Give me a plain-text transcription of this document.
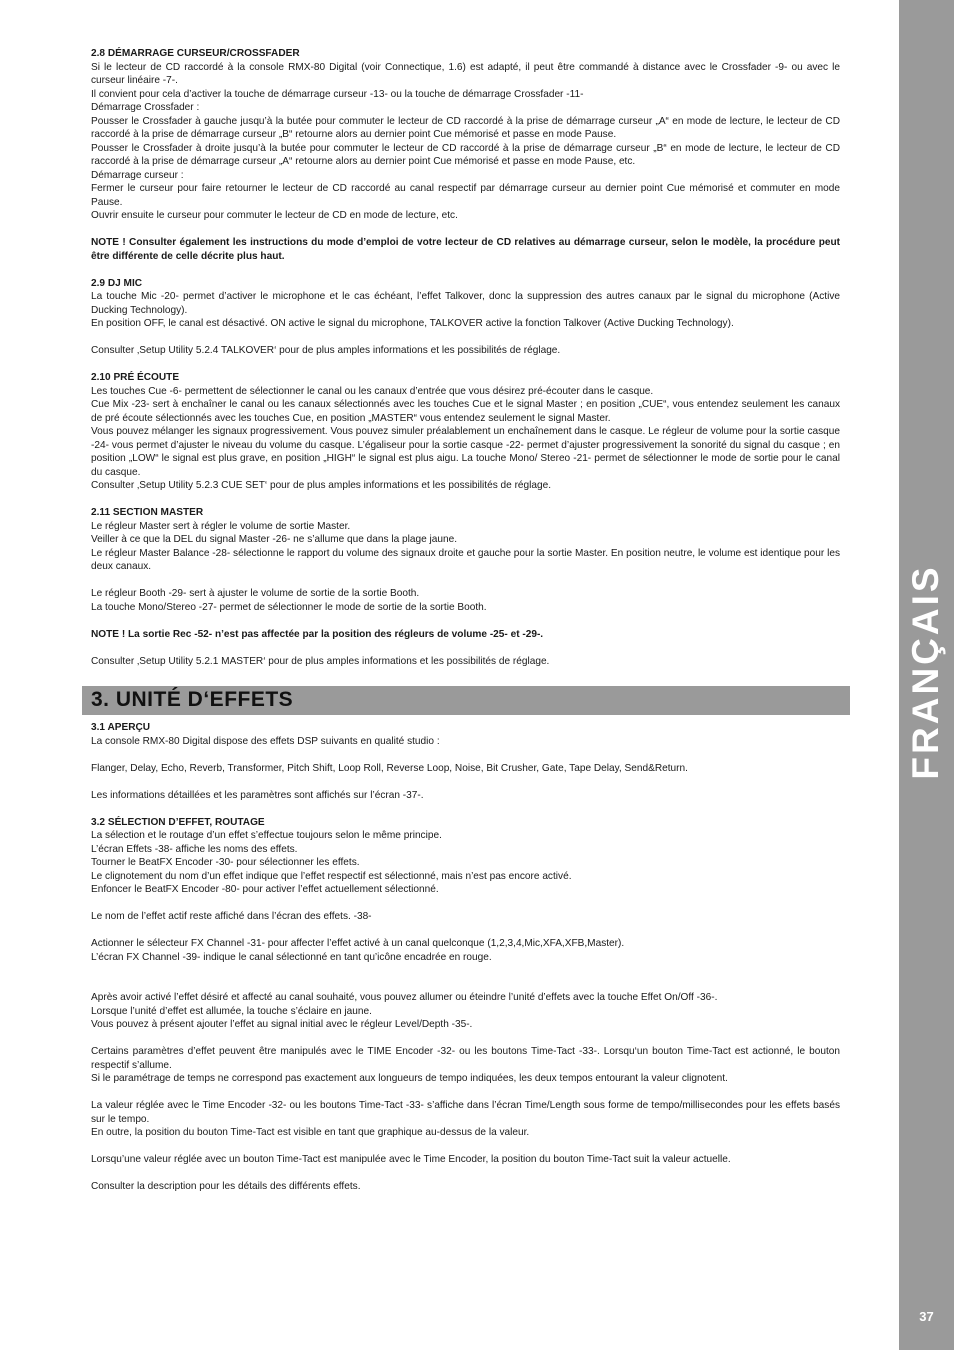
2.8 DÉMARRAGE CURSEUR/CROSSFADER

Si le lecteur de CD raccordé à la console RMX-80 Digital (voir Connectique, 1.6) est adapté, il peut être commandé à distance avec le Crossfader -9- ou avec le curseur linéaire -7-.

Il convient pour cela d’activer la touche de démarrage curseur -13- ou la touche de démarrage Crossfader -11-

Démarrage Crossfader :

Pousser le Crossfader à gauche jusqu’à la butée pour commuter le lecteur de CD raccordé à la prise de démarrage curseur „A“ en mode de lecture, le lecteur de CD raccordé à la prise de démarrage curseur „B“ retourne alors au dernier point Cue mémorisé et passe en mode Pause.

Pousser le Crossfader à droite jusqu’à la butée pour commuter le lecteur de CD raccordé à la prise de démarrage curseur „B“ en mode de lecture, le lecteur de CD raccordé à la prise de démarrage curseur „A“ retourne alors au dernier point Cue mémorisé et passe en mode Pause, etc.

Démarrage curseur :

Fermer le curseur pour faire retourner le lecteur de CD raccordé au canal respectif par démarrage curseur au dernier point Cue mémorisé et commuter en mode Pause.

Ouvrir ensuite le curseur pour commuter le lecteur de CD en mode de lecture, etc.

NOTE ! Consulter également les instructions du mode d’emploi de votre lecteur de CD relatives au démarrage curseur, selon le modèle, la procédure peut être différente de celle décrite plus haut.

2.9 DJ MIC

La touche Mic -20- permet d’activer le microphone et le cas échéant, l’effet Talkover, donc la suppression des autres canaux par le signal du microphone (Active Ducking Technology).

En position OFF, le canal est désactivé. ON active le signal du microphone, TALKOVER active la fonction Talkover (Active Ducking Technology).

Consulter ‚Setup Utility 5.2.4 TALKOVER‘ pour de plus amples informations et les possibilités de réglage.

2.10 PRÉ ÉCOUTE

Les touches Cue -6- permettent de sélectionner le canal ou les canaux d’entrée que vous désirez pré-écouter dans le casque.

Cue Mix -23- sert à enchaîner le canal ou les canaux sélectionnés avec les touches Cue et le signal Master ; en position „CUE“, vous entendez seulement les canaux de pré écoute sélectionnés avec les touches Cue, en position „MASTER“ vous entendez seulement le signal Master.

Vous pouvez mélanger les signaux progressivement. Vous pouvez simuler préalablement un enchaînement dans le casque. Le régleur de volume pour la sortie casque -24- vous permet d’ajuster le niveau du volume du casque. L’égaliseur pour la sortie casque -22- permet d’ajuster progressivement la sonorité du signal du casque ; en position „LOW“ le signal est plus grave, en position „HIGH“ le signal est plus aigu. La touche Mono/ Stereo -21- permet de sélectionner le mode de sortie pour le canal du casque.

Consulter ‚Setup Utility 5.2.3 CUE SET‘ pour de plus amples informations et les possibilités de réglage.

2.11 SECTION MASTER

Le régleur Master sert à régler le volume de sortie Master.

Veiller à ce que la DEL du signal Master -26- ne s’allume que dans la plage jaune.

Le régleur Master Balance -28- sélectionne le rapport du volume des signaux droite et gauche pour la sortie Master. En position neutre, le volume est identique pour les deux canaux.

Le régleur Booth -29- sert à ajuster le volume de sortie de la sortie Booth.

La touche Mono/Stereo -27- permet de sélectionner le mode de sortie de la sortie Booth.

NOTE ! La sortie Rec -52- n’est pas affectée par la position des régleurs de volume -25- et -29-.

Consulter ‚Setup Utility 5.2.1 MASTER‘ pour de plus amples informations et les possibilités de réglage.

3.1 APERÇU

La console RMX-80 Digital dispose des effets DSP suivants en qualité studio :

Flanger, Delay, Echo, Reverb, Transformer, Pitch Shift, Loop Roll, Reverse Loop, Noise, Bit Crusher, Gate, Tape Delay, Send&Return.

Les informations détaillées et les paramètres sont affichés sur l’écran -37-.

3.2 SÉLECTION D’EFFET, ROUTAGE

La sélection et le routage d’un effet s’effectue toujours selon le même principe.

L’écran Effets -38- affiche les noms des effets.

Tourner le BeatFX Encoder -30- pour sélectionner les effets.

Le clignotement du nom d’un effet indique que l’effet respectif est sélectionné, mais n’est pas encore activé.

Enfoncer le BeatFX Encoder -80- pour activer l’effet actuellement sélectionné.

Le nom de l’effet actif reste affiché dans l’écran des effets. -38-

Actionner le sélecteur FX Channel -31- pour affecter l’effet activé à un canal quelconque (1,2,3,4,Mic,XFA,XFB,Master).

L’écran FX Channel -39- indique le canal sélectionné en tant qu’icône encadrée en rouge.

Après avoir activé l’effet désiré et affecté au canal souhaité, vous pouvez allumer ou éteindre l’unité d’effets avec la touche Effet On/Off -36-.

Lorsque l’unité d’effet est allumée, la touche s’éclaire en jaune.

Vous pouvez à présent ajouter l’effet au signal initial avec le régleur Level/Depth -35-.

Certains paramètres d’effet peuvent être manipulés avec le TIME Encoder -32- ou les boutons Time-Tact -33-. Lorsqu‘un bouton Time-Tact est actionné, le bouton respectif s’allume.

Si le paramétrage de temps ne correspond pas exactement aux longueurs de tempo indiquées, les deux tempos entourant la valeur clignotent.

La valeur réglée avec le Time Encoder -32- ou les boutons Time-Tact -33- s’affiche dans l’écran Time/Length sous forme de tempo/millisecondes pour les effets basés sur le tempo.

En outre, la position du bouton Time-Tact est visible en tant que graphique au-dessus de la valeur.

Lorsqu’une valeur réglée avec un bouton Time-Tact est manipulée avec le Time Encoder, la position du bouton Time-Tact suit la valeur actuelle.

Consulter la description pour les détails des différents effets.

3. UNITÉ D‘EFFETS	FRANÇAIS
37
